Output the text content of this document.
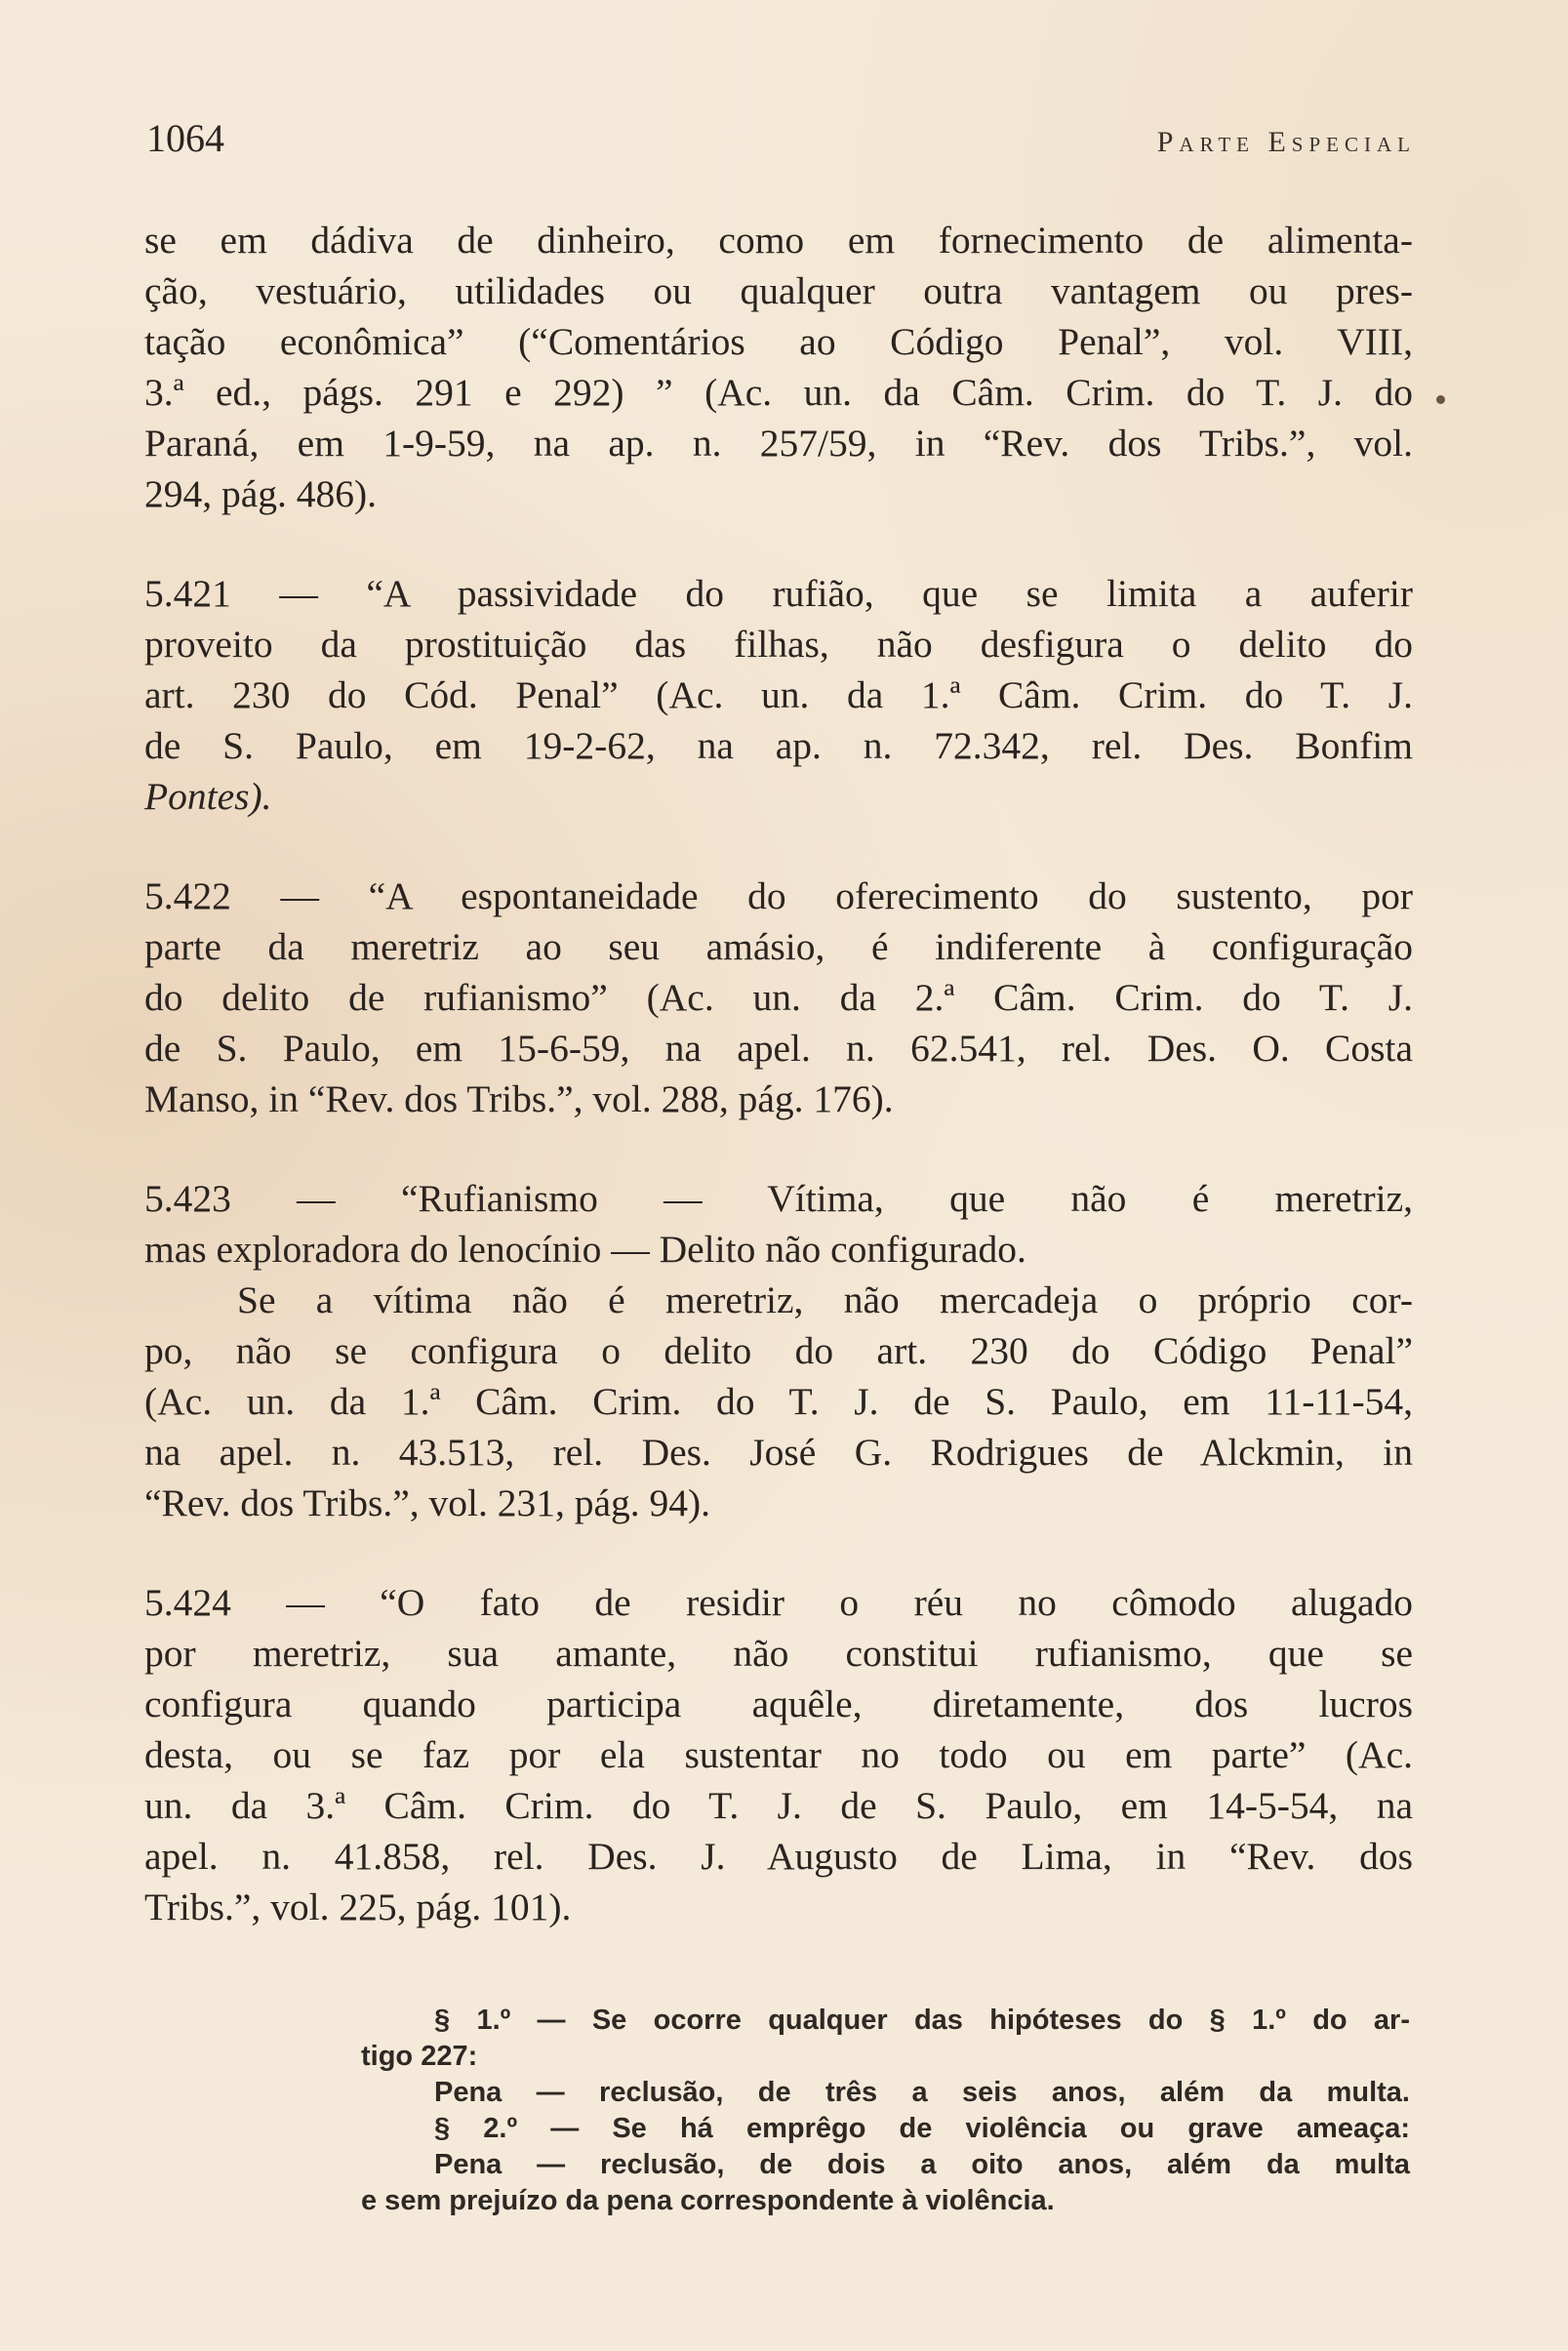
1064	Parte Especial
se em dádiva de dinheiro, como em fornecimento de alimenta-
ção, vestuário, utilidades ou qualquer outra vantagem ou pres-
tação econômica” (“Comentários ao Código Penal”, vol. VIII,
3.ª ed., págs. 291 e 292) ” (Ac. un. da Câm. Crim. do T. J. do
Paraná, em 1-9-59, na ap. n. 257/59, in “Rev. dos Tribs.”, vol.
294, pág. 486).
5.421 — “A passividade do rufião, que se limita a auferir
proveito da prostituição das filhas, não desfigura o delito do
art. 230 do Cód. Penal” (Ac. un. da 1.ª Câm. Crim. do T. J.
de S. Paulo, em 19-2-62, na ap. n. 72.342, rel. Des. Bonfim
Pontes).
5.422 — “A espontaneidade do oferecimento do sustento, por
parte da meretriz ao seu amásio, é indiferente à configuração
do delito de rufianismo” (Ac. un. da 2.ª Câm. Crim. do T. J.
de S. Paulo, em 15-6-59, na apel. n. 62.541, rel. Des. O. Costa
Manso, in “Rev. dos Tribs.”, vol. 288, pág. 176).
5.423 — “Rufianismo — Vítima, que não é meretriz,
mas exploradora do lenocínio — Delito não configurado.
Se a vítima não é meretriz, não mercadeja o próprio cor-
po, não se configura o delito do art. 230 do Código Penal”
(Ac. un. da 1.ª Câm. Crim. do T. J. de S. Paulo, em 11-11-54,
na apel. n. 43.513, rel. Des. José G. Rodrigues de Alckmin, in
“Rev. dos Tribs.”, vol. 231, pág. 94).
5.424 — “O fato de residir o réu no cômodo alugado
por meretriz, sua amante, não constitui rufianismo, que se
configura quando participa aquêle, diretamente, dos lucros
desta, ou se faz por ela sustentar no todo ou em parte” (Ac.
un. da 3.ª Câm. Crim. do T. J. de S. Paulo, em 14-5-54, na
apel. n. 41.858, rel. Des. J. Augusto de Lima, in “Rev. dos
Tribs.”, vol. 225, pág. 101).
§ 1.º — Se ocorre qualquer das hipóteses do § 1.º do ar-
tigo 227:
Pena — reclusão, de três a seis anos, além da multa.
§ 2.º — Se há emprêgo de violência ou grave ameaça:
Pena — reclusão, de dois a oito anos, além da multa
e sem prejuízo da pena correspondente à violência.
